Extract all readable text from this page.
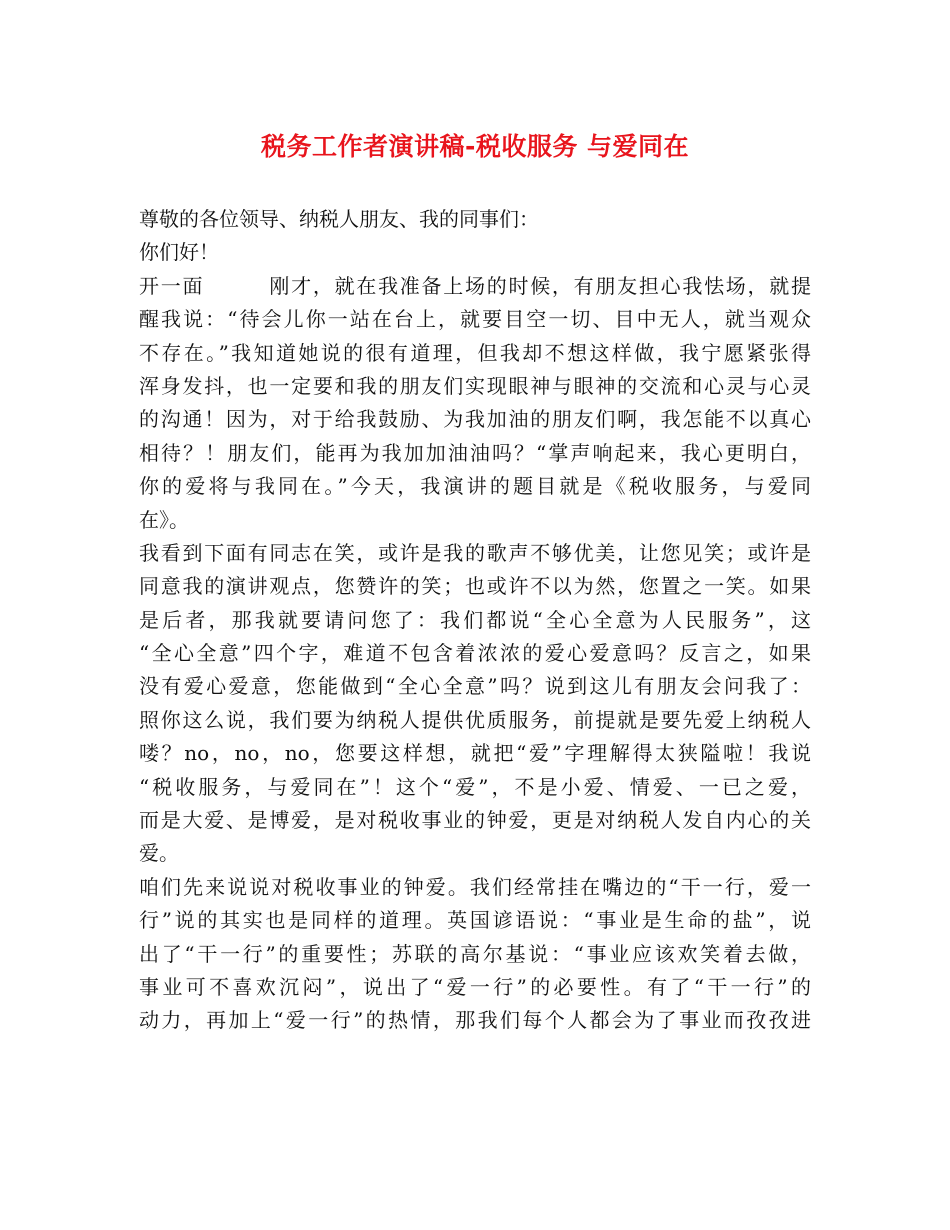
税务工作者演讲稿-税收服务 与爱同在
尊敬的各位领导、纳税人朋友、我的同事们：
你们好！
开一面　　　刚才，就在我准备上场的时候，有朋友担心我怯场，就提
醒我说：“待会儿你一站在台上，就要目空一切、目中无人，就当观众
不存在。”我知道她说的很有道理，但我却不想这样做，我宁愿紧张得
浑身发抖，也一定要和我的朋友们实现眼神与眼神的交流和心灵与心灵
的沟通！因为，对于给我鼓励、为我加油的朋友们啊，我怎能不以真心
相待？！朋友们，能再为我加加油油吗？“掌声响起来，我心更明白，
你的爱将与我同在。”今天，我演讲的题目就是《税收服务，与爱同
在》。
我看到下面有同志在笑，或许是我的歌声不够优美，让您见笑；或许是
同意我的演讲观点，您赞许的笑；也或许不以为然，您置之一笑。如果
是后者，那我就要请问您了：我们都说“全心全意为人民服务”，这
“全心全意”四个字，难道不包含着浓浓的爱心爱意吗？反言之，如果
没有爱心爱意，您能做到“全心全意”吗？说到这儿有朋友会问我了：
照你这么说，我们要为纳税人提供优质服务，前提就是要先爱上纳税人
喽？no，no，no，您要这样想，就把“爱”字理解得太狭隘啦！我说
“税收服务，与爱同在”！这个“爱”，不是小爱、情爱、一已之爱，
而是大爱、是博爱，是对税收事业的钟爱，更是对纳税人发自内心的关
爱。
咱们先来说说对税收事业的钟爱。我们经常挂在嘴边的“干一行，爱一
行”说的其实也是同样的道理。英国谚语说：“事业是生命的盐”，说
出了“干一行”的重要性；苏联的高尔基说：“事业应该欢笑着去做，
事业可不喜欢沉闷”，说出了“爱一行”的必要性。有了“干一行”的
动力，再加上“爱一行”的热情，那我们每个人都会为了事业而孜孜进
